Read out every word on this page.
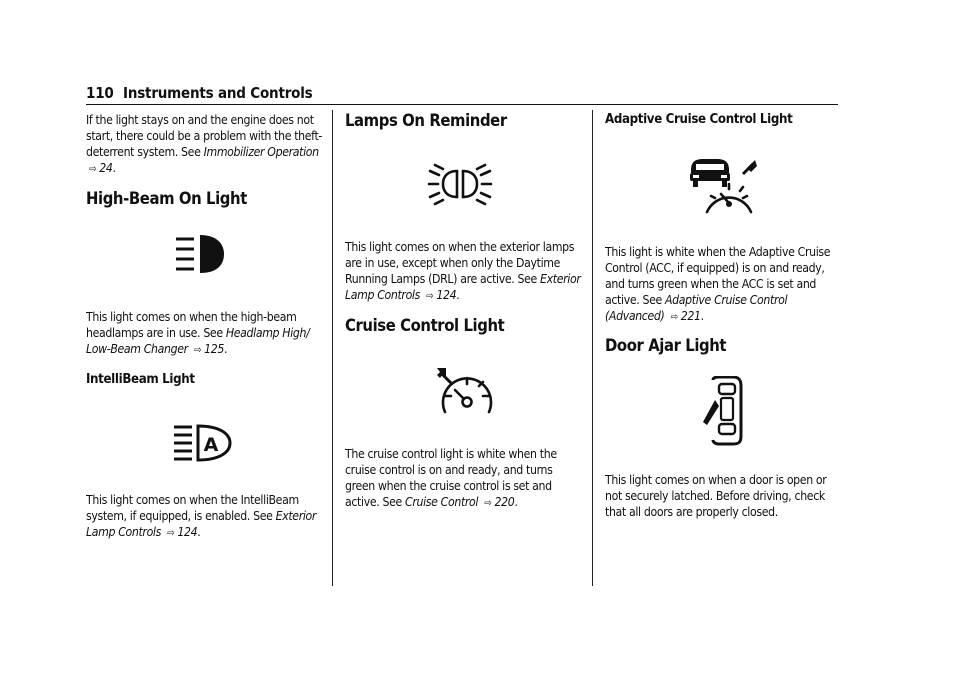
110 Instruments and Controls

If the light stays on and the engine does not start, there could be a problem with the theft-deterrent system. See Immobilizer Operation ⇨ 24.

High-Beam On Light

This light comes on when the high-beam headlamps are in use. See Headlamp High/ Low-Beam Changer ⇨ 125.

IntelliBeam Light
A

This light comes on when the IntelliBeam system, if equipped, is enabled. See Exterior Lamp Controls ⇨ 124.

Lamps On Reminder

This light comes on when the exterior lamps are in use, except when only the Daytime Running Lamps (DRL) are active. See Exterior Lamp Controls ⇨ 124.

Cruise Control Light

The cruise control light is white when the cruise control is on and ready, and turns green when the cruise control is set and active. See Cruise Control ⇨ 220.

Adaptive Cruise Control Light

This light is white when the Adaptive Cruise Control (ACC, if equipped) is on and ready, and turns green when the ACC is set and active. See Adaptive Cruise Control (Advanced) ⇨ 221.

Door Ajar Light

This light comes on when a door is open or not securely latched. Before driving, check that all doors are properly closed.
